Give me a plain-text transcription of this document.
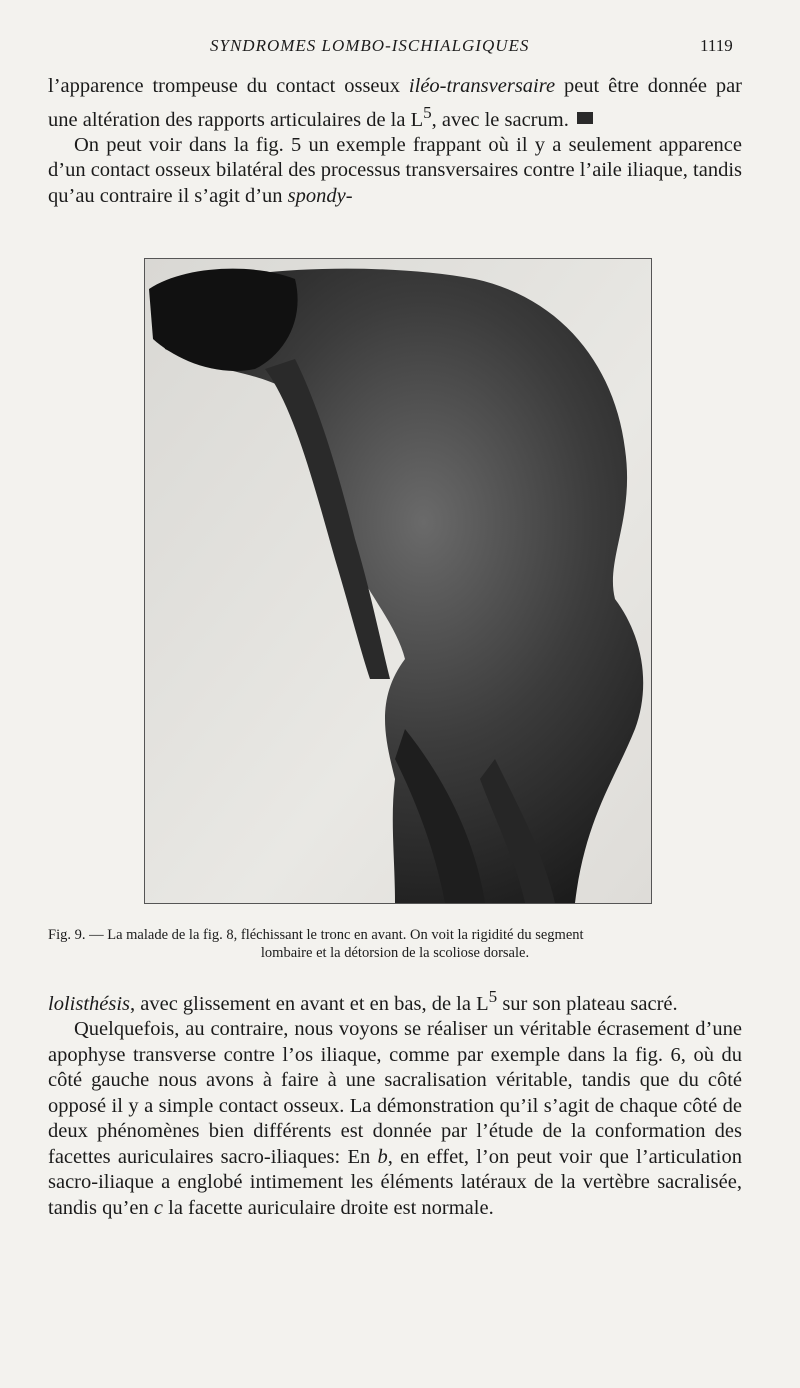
SYNDROMES LOMBO-ISCHIALGIQUES	1119

l’apparence trompeuse du contact osseux iléo-transversaire peut être donnée par une altération des rapports articulaires de la $L^5$, avec le sacrum.

On peut voir dans la fig. 5 un exemple frappant où il y a seulement apparence d’un contact osseux bilatéral des processus transversaires contre l’aile iliaque, tandis qu’au contraire il s’agit d’un spondy-

Fig. 9. — La malade de la fig. 8, fléchissant le tronc en avant. On voit la rigidité du segment
lombaire et la détorsion de la scoliose dorsale.

lolisthésis, avec glissement en avant et en bas, de la $L^5$ sur son plateau sacré.

Quelquefois, au contraire, nous voyons se réaliser un véritable écrasement d’une apophyse transverse contre l’os iliaque, comme par exemple dans la fig. 6, où du côté gauche nous avons à faire à une sacralisation véritable, tandis que du côté opposé il y a simple contact osseux. La démonstration qu’il s’agit de chaque côté de deux phénomènes bien différents est donnée par l’étude de la conformation des facettes auriculaires sacro-iliaques: En b, en effet, l’on peut voir que l’articulation sacro-iliaque a englobé intimement les éléments latéraux de la vertèbre sacralisée, tandis qu’en c la facette auriculaire droite est normale.
